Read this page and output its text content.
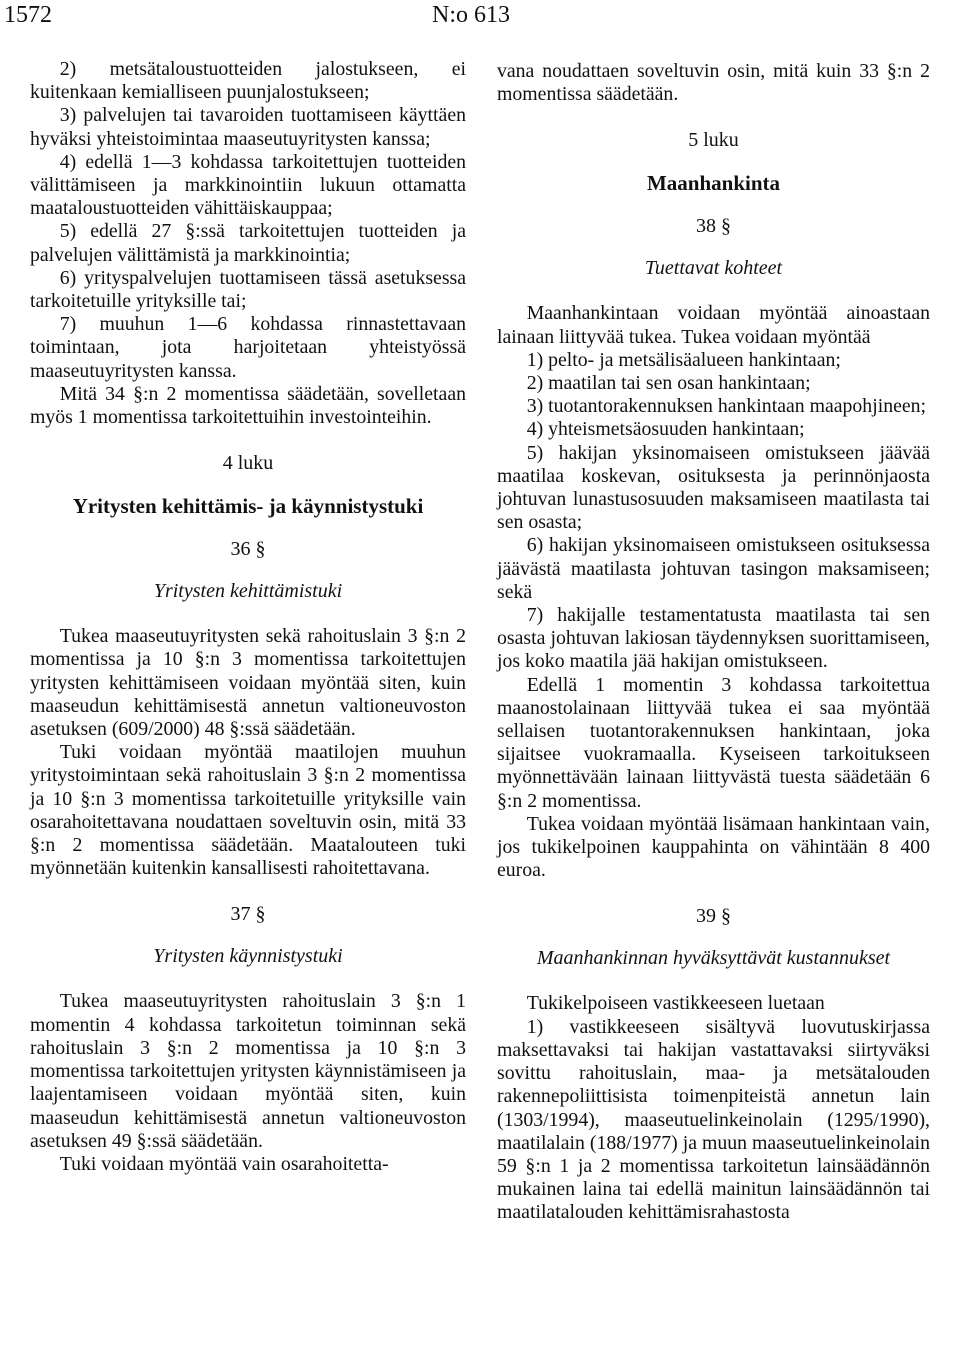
1572	N:o 613

2) metsätaloustuotteiden jalostukseen, ei kuitenkaan kemialliseen puunjalostukseen;

3) palvelujen tai tavaroiden tuottamiseen käyttäen hyväksi yhteistoimintaa maaseutuyritysten kanssa;

4) edellä 1—3 kohdassa tarkoitettujen tuotteiden välittämiseen ja markkinointiin lukuun ottamatta maataloustuotteiden vähittäiskauppaa;

5) edellä 27 §:ssä tarkoitettujen tuotteiden ja palvelujen välittämistä ja markkinointia;

6) yrityspalvelujen tuottamiseen tässä asetuksessa tarkoitetuille yrityksille tai;

7) muuhun 1—6 kohdassa rinnastettavaan toimintaan, jota harjoitetaan yhteistyössä maaseutuyritysten kanssa.

Mitä 34 §:n 2 momentissa säädetään, sovelletaan myös 1 momentissa tarkoitettuihin investointeihin.

4 luku
Yritysten kehittämis- ja käynnistystuki
36 §
Yritysten kehittämistuki

Tukea maaseutuyritysten sekä rahoituslain 3 §:n 2 momentissa ja 10 §:n 3 momentissa tarkoitettujen yritysten kehittämiseen voidaan myöntää siten, kuin maaseudun kehittämisestä annetun valtioneuvoston asetuksen (609/2000) 48 §:ssä säädetään.

Tuki voidaan myöntää maatilojen muuhun yritystoimintaan sekä rahoituslain 3 §:n 2 momentissa ja 10 §:n 3 momentissa tarkoitetuille yrityksille vain osarahoitettavana noudattaen soveltuvin osin, mitä 33 §:n 2 momentissa säädetään. Maatalouteen tuki myönnetään kuitenkin kansallisesti rahoitettavana.

37 §
Yritysten käynnistystuki

Tukea maaseutuyritysten rahoituslain 3 §:n 1 momentin 4 kohdassa tarkoitetun toiminnan sekä rahoituslain 3 §:n 2 momentissa ja 10 §:n 3 momentissa tarkoitettujen yritysten käynnistämiseen ja laajentamiseen voidaan myöntää siten, kuin maaseudun kehittämisestä annetun valtioneuvoston asetuksen 49 §:ssä säädetään.

Tuki voidaan myöntää vain osarahoitetta-

vana noudattaen soveltuvin osin, mitä kuin 33 §:n 2 momentissa säädetään.

5 luku
Maanhankinta
38 §
Tuettavat kohteet

Maanhankintaan voidaan myöntää ainoastaan lainaan liittyvää tukea. Tukea voidaan myöntää

1) pelto- ja metsälisäalueen hankintaan;

2) maatilan tai sen osan hankintaan;

3) tuotantorakennuksen hankintaan maapohjineen;

4) yhteismetsäosuuden hankintaan;

5) hakijan yksinomaiseen omistukseen jäävää maatilaa koskevan, osituksesta ja perinnönjaosta johtuvan lunastusosuuden maksamiseen maatilasta tai sen osasta;

6) hakijan yksinomaiseen omistukseen osituksessa jäävästä maatilasta johtuvan tasingon maksamiseen; sekä

7) hakijalle testamentatusta maatilasta tai sen osasta johtuvan lakiosan täydennyksen suorittamiseen, jos koko maatila jää hakijan omistukseen.

Edellä 1 momentin 3 kohdassa tarkoitettua maanostolainaan liittyvää tukea ei saa myöntää sellaisen tuotantorakennuksen hankintaan, joka sijaitsee vuokramaalla. Kyseiseen tarkoitukseen myönnettävään lainaan liittyvästä tuesta säädetään 6 §:n 2 momentissa.

Tukea voidaan myöntää lisämaan hankintaan vain, jos tukikelpoinen kauppahinta on vähintään 8 400 euroa.

39 §
Maanhankinnan hyväksyttävät kustannukset

Tukikelpoiseen vastikkeeseen luetaan

1) vastikkeeseen sisältyvä luovutuskirjassa maksettavaksi tai hakijan vastattavaksi siirtyväksi sovittu rahoituslain, maa- ja metsätalouden rakennepoliittisista toimenpiteistä annetun lain (1303/1994), maaseutuelinkeinolain (1295/1990), maatilalain (188/1977) ja muun maaseutuelinkeinolain 59 §:n 1 ja 2 momentissa tarkoitetun lainsäädännön mukainen laina tai edellä mainitun lainsäädännön tai maatilatalouden kehittämisrahastosta
